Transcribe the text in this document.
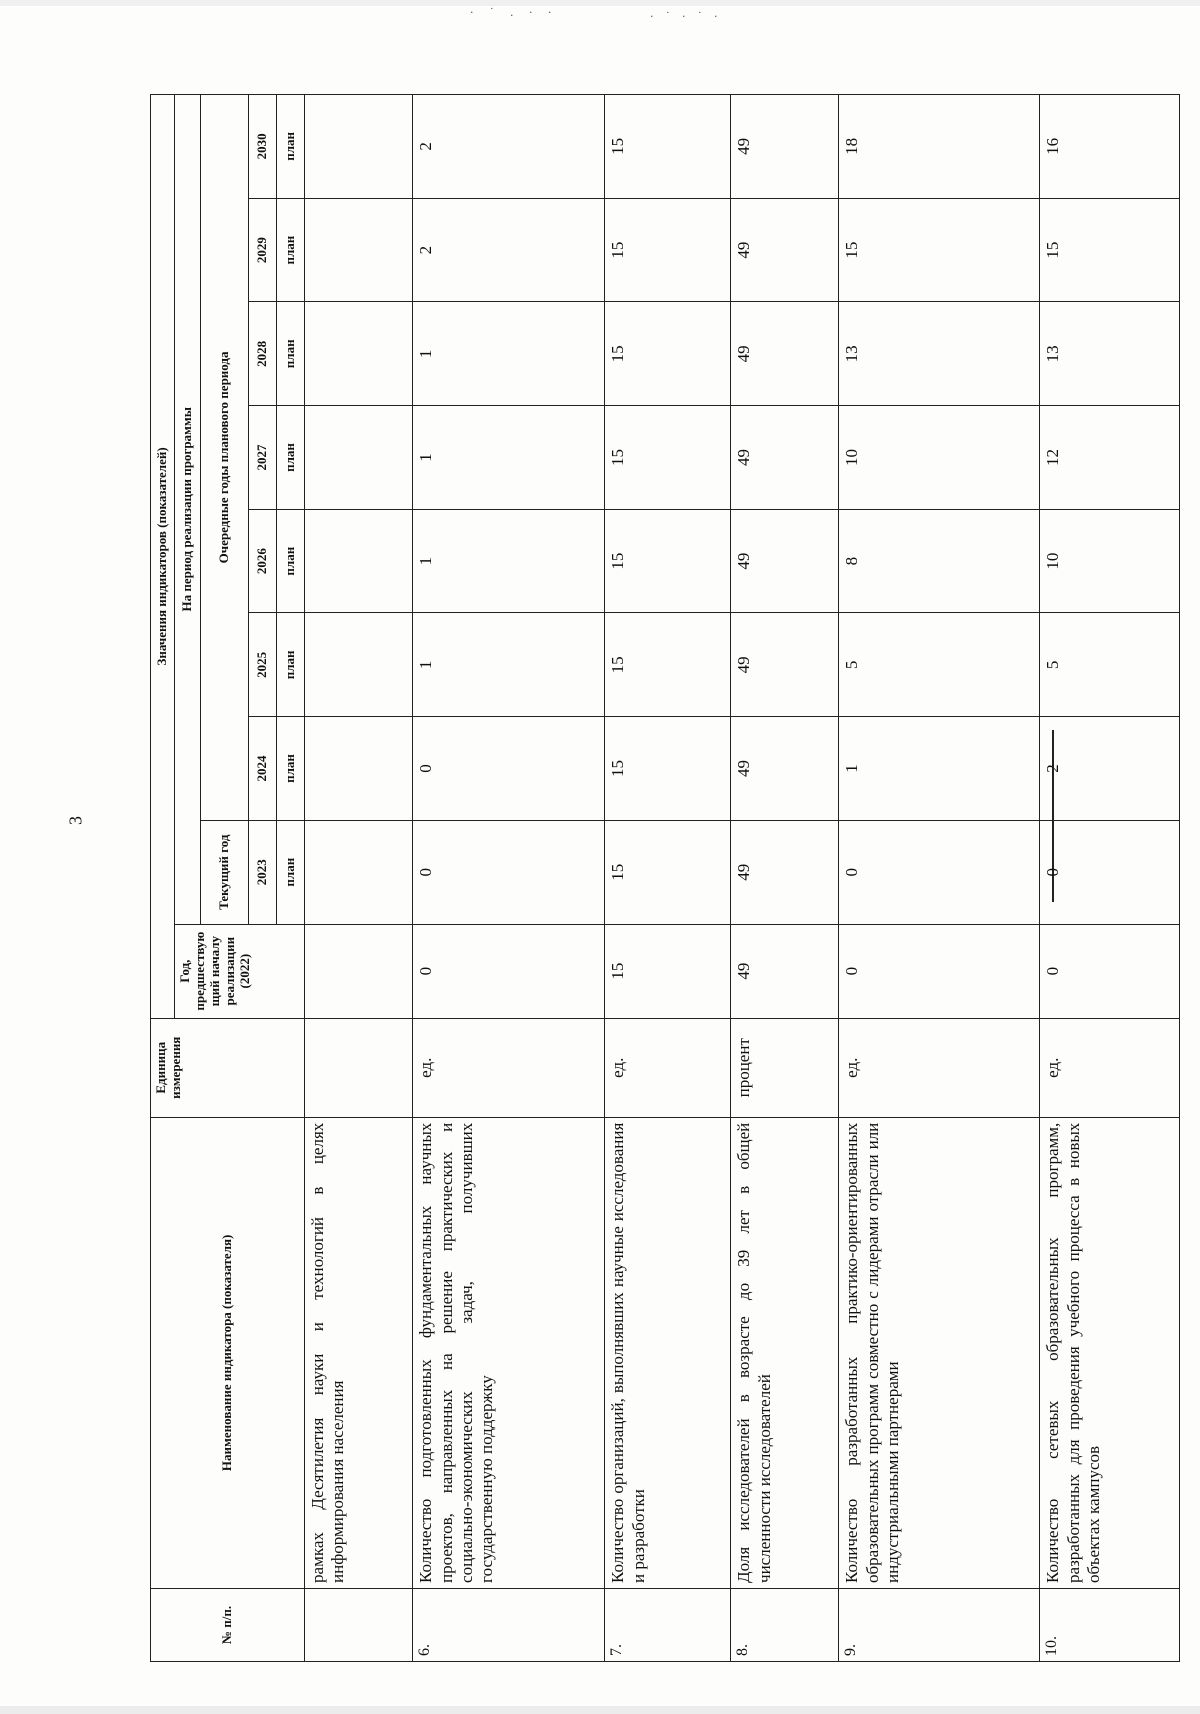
· ˙ . · ·	· ˙ · ˙ ·
3
№ п/п.	Наименование индикатора (показателя)	Единица измерения	Значения индикаторов (показателей)								
			Год, предшествую щий началу реализации (2022)	На период реализации программы							
				Текущий год	Очередные годы планового периода						
				2023	2024	2025	2026	2027	2028	2029	2030
				план	план	план	план	план	план	план	план
	рамках Десятилетия науки и технологий в целях информирования населения										
6.	Количество подготовленных фундаментальных научных проектов, направленных на решение практических и социально-экономических задач, получивших государственную поддержку	ед.	0	0	0	1	1	1	1	2	2
7.	Количество организаций, выполнявших научные исследования и разработки	ед.	15	15	15	15	15	15	15	15	15
8.	Доля исследователей в возрасте до 39 лет в общей численности исследователей	процент	49	49	49	49	49	49	49	49	49
9.	Количество разработанных практико-ориентированных образовательных программ совместно с лидерами отрасли или индустриальными партнерами	ед.	0	0	1	5	8	10	13	15	18
10.	Количество сетевых образовательных программ, разработанных для проведения учебного процесса в новых объектах кампусов	ед.	0	0	2	5	10	12	13	15	16
